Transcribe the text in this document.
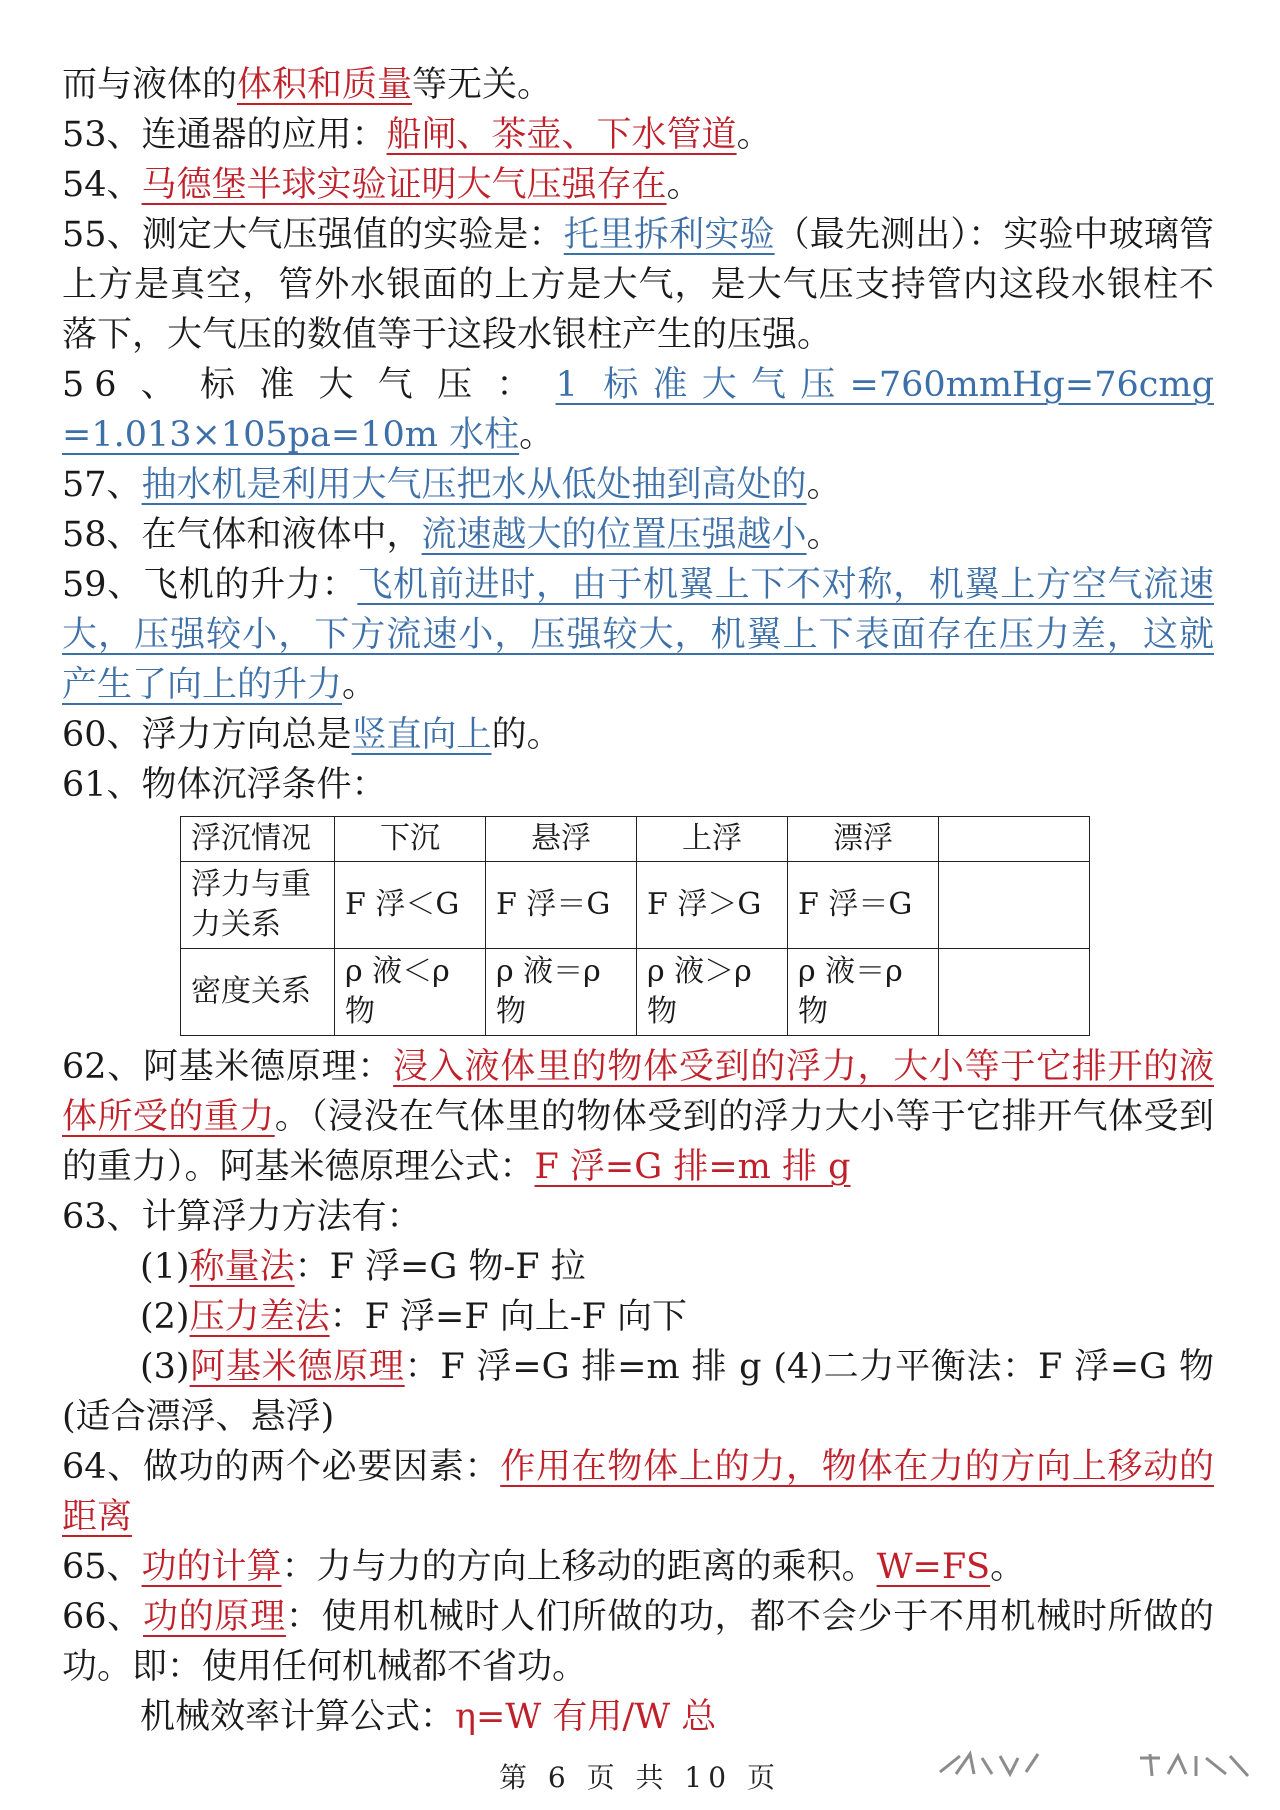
而与液体的体积和质量等无关。
53、连通器的应用：船闸、茶壶、下水管道。
54、马德堡半球实验证明大气压强存在。
55、测定大气压强值的实验是：托里拆利实验（最先测出）：实验中玻璃管上方是真空，管外水银面的上方是大气，是大气压支持管内这段水银柱不落下，大气压的数值等于这段水银柱产生的压强。
56、标准大气压：1 标准大气压=760mmHg=76cmg =1.013×105pa=10m 水柱。
57、抽水机是利用大气压把水从低处抽到高处的。
58、在气体和液体中，流速越大的位置压强越小。
59、飞机的升力：飞机前进时，由于机翼上下不对称，机翼上方空气流速大，压强较小，下方流速小，压强较大，机翼上下表面存在压力差，这就产生了向上的升力。
60、浮力方向总是竖直向上的。
61、物体沉浮条件：
浮沉情况	下沉	悬浮	上浮	漂浮	
浮力与重力关系	F 浮＜G	F 浮＝G	F 浮＞G	F 浮＝G	
密度关系	ρ 液＜ρ 物	ρ 液＝ρ 物	ρ 液＞ρ 物	ρ 液＝ρ 物	
62、阿基米德原理：浸入液体里的物体受到的浮力，大小等于它排开的液体所受的重力。（浸没在气体里的物体受到的浮力大小等于它排开气体受到的重力）。阿基米德原理公式：F 浮=G 排=m 排 g
63、计算浮力方法有：
(1)称量法：F 浮=G 物-F 拉
(2)压力差法：F 浮=F 向上-F 向下
(3)阿基米德原理：F 浮=G 排=m 排 g (4)二力平衡法：F 浮=G 物 (适合漂浮、悬浮)
64、做功的两个必要因素：作用在物体上的力，物体在力的方向上移动的距离
65、功的计算：力与力的方向上移动的距离的乘积。W=FS。
66、功的原理：使用机械时人们所做的功，都不会少于不用机械时所做的功。即：使用任何机械都不省功。
机械效率计算公式：η=W 有用/W 总
第 6 页 共 10 页
